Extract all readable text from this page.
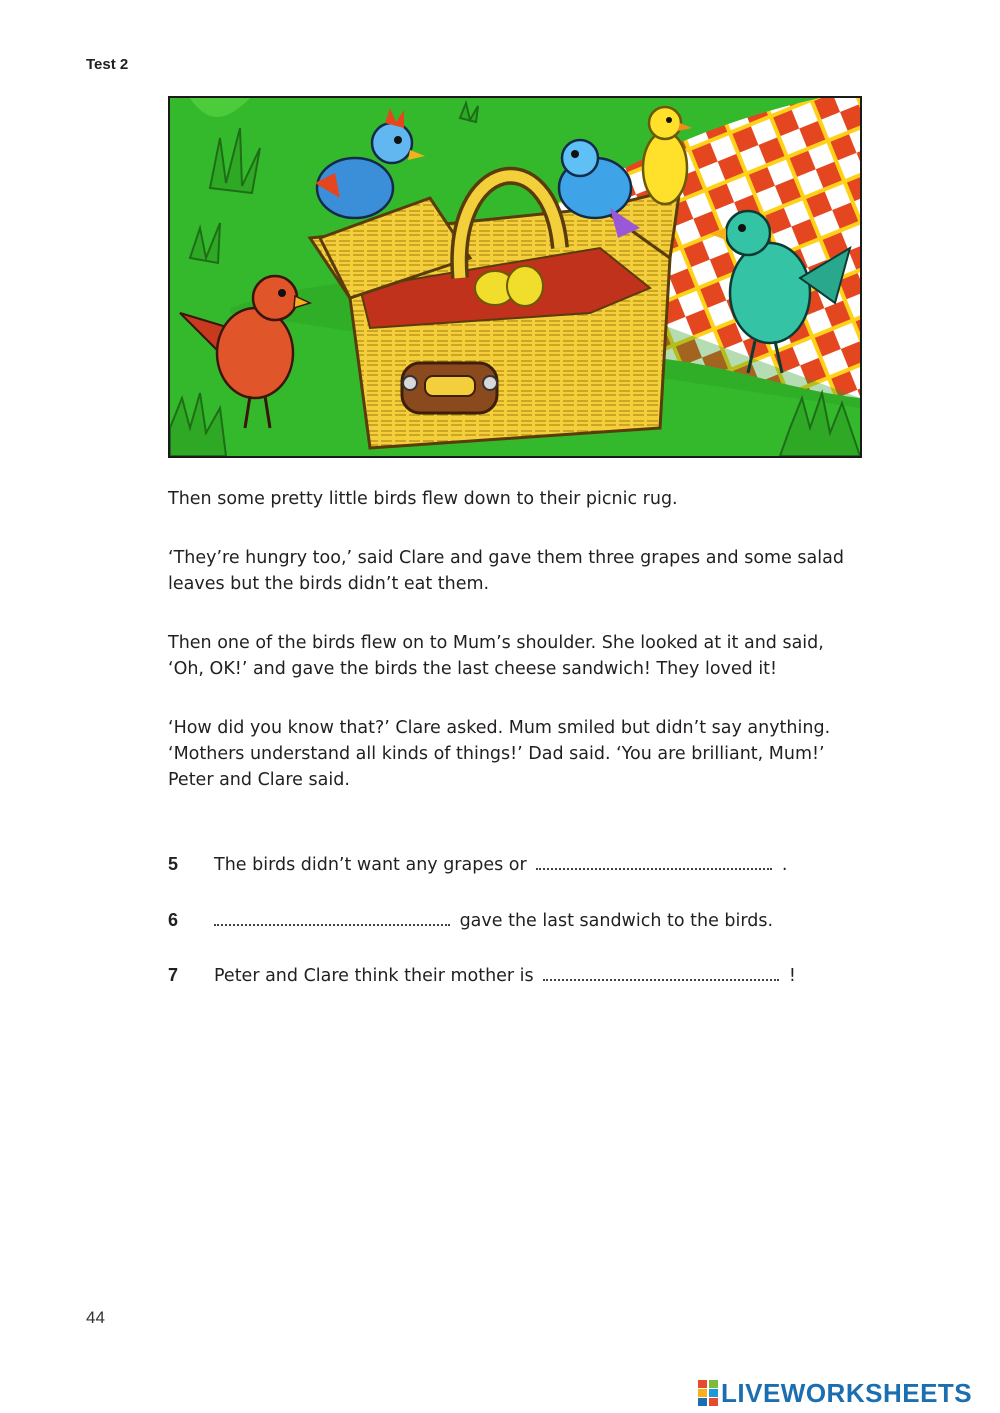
Test 2

Then some pretty little birds flew down to their picnic rug.

‘They’re hungry too,’ said Clare and gave them three grapes and some salad
leaves but the birds didn’t eat them.

Then one of the birds flew on to Mum’s shoulder. She looked at it and said,
‘Oh, OK!’ and gave the birds the last cheese sandwich! They loved it!

‘How did you know that?’ Clare asked. Mum smiled but didn’t say anything.
‘Mothers understand all kinds of things!’ Dad said. ‘You are brilliant, Mum!’
Peter and Clare said.

5 The birds didn’t want any grapes or	.
6	gave the last sandwich to the birds.
7 Peter and Clare think their mother is	!
44
LIVEWORKSHEETS
